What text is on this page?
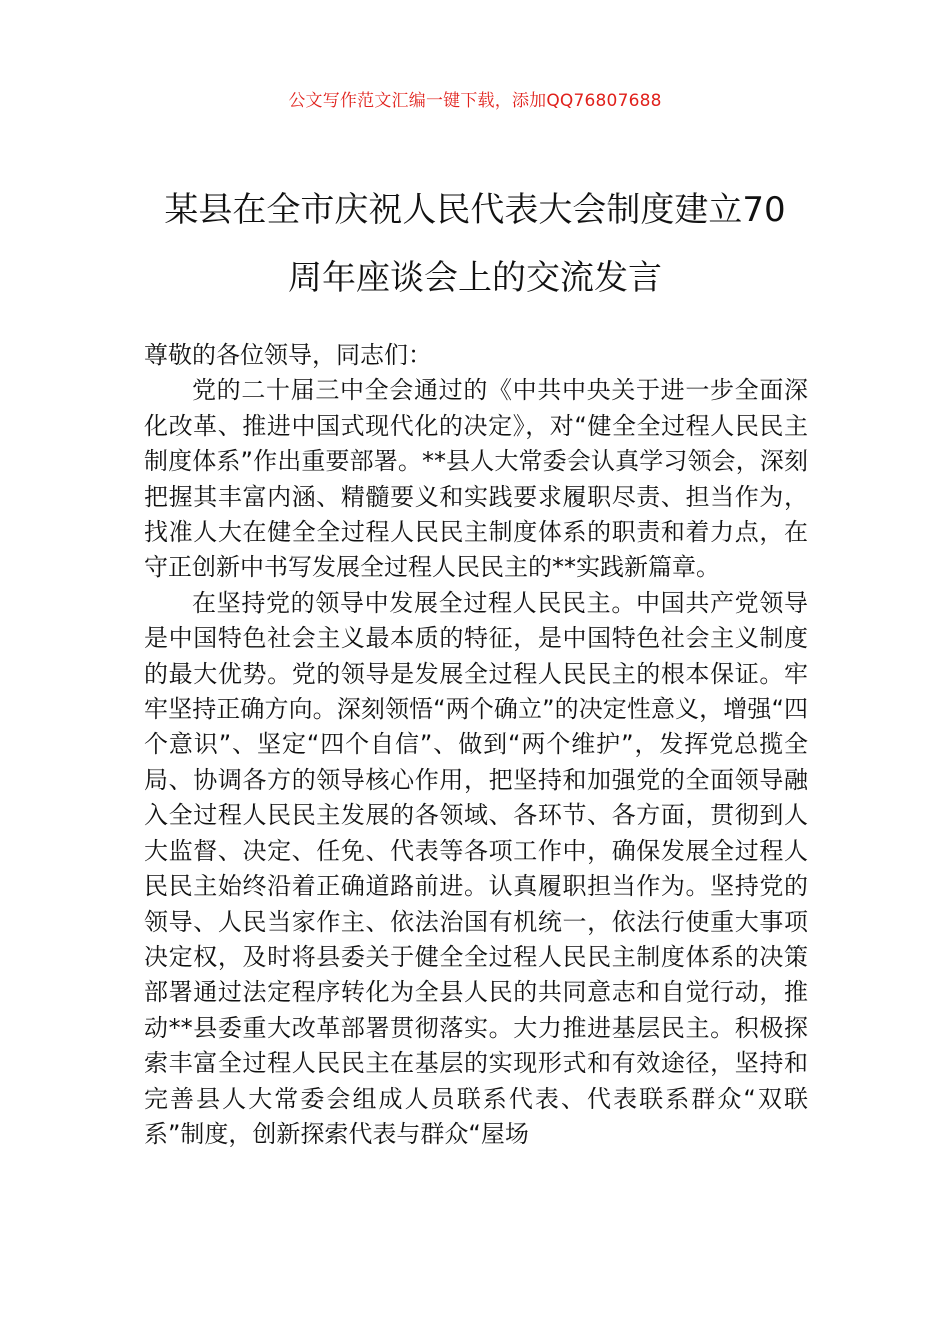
公文写作范文汇编一键下载，添加QQ76807688
某县在全市庆祝人民代表大会制度建立70
周年座谈会上的交流发言

尊敬的各位领导，同志们：

党的二十届三中全会通过的《中共中央关于进一步全面深化改革、推进中国式现代化的决定》，对“健全全过程人民民主制度体系”作出重要部署。**县人大常委会认真学习领会，深刻把握其丰富内涵、精髓要义和实践要求履职尽责、担当作为，找准人大在健全全过程人民民主制度体系的职责和着力点，在守正创新中书写发展全过程人民民主的**实践新篇章。

在坚持党的领导中发展全过程人民民主。中国共产党领导是中国特色社会主义最本质的特征，是中国特色社会主义制度的最大优势。党的领导是发展全过程人民民主的根本保证。牢牢坚持正确方向。深刻领悟“两个确立”的决定性意义，增强“四个意识”、坚定“四个自信”、做到“两个维护”，发挥党总揽全局、协调各方的领导核心作用，把坚持和加强党的全面领导融入全过程人民民主发展的各领域、各环节、各方面，贯彻到人大监督、决定、任免、代表等各项工作中，确保发展全过程人民民主始终沿着正确道路前进。认真履职担当作为。坚持党的领导、人民当家作主、依法治国有机统一，依法行使重大事项决定权，及时将县委关于健全全过程人民民主制度体系的决策部署通过法定程序转化为全县人民的共同意志和自觉行动，推动**县委重大改革部署贯彻落实。大力推进基层民主。积极探索丰富全过程人民民主在基层的实现形式和有效途径，坚持和完善县人大常委会组成人员联系代表、代表联系群众“双联系”制度，创新探索代表与群众“屋场
